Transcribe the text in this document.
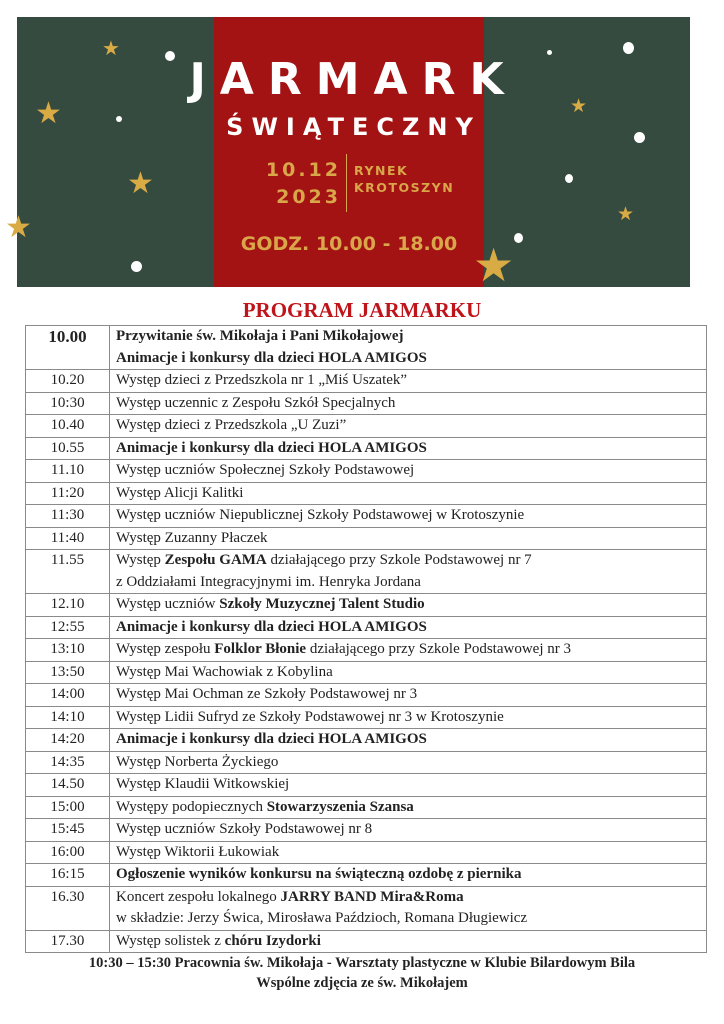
★
★
★
★
★
★
★
JARMARK
ŚWIĄTECZNY
10.12
2023
RYNEK
KROTOSZYN
GODZ. 10.00 - 18.00
PROGRAM JARMARKU
10.00	Przywitanie św. Mikołaja i Pani Mikołajowej
Animacje i konkursy dla dzieci HOLA AMIGOS

10.20	Występ dzieci z Przedszkola nr 1 „Miś Uszatek”

10:30	Występ uczennic z Zespołu Szkół Specjalnych

10.40	Występ dzieci z Przedszkola „U Zuzi”

10.55	Animacje i konkursy dla dzieci HOLA AMIGOS

11.10	Występ uczniów Społecznej Szkoły Podstawowej

11:20	Występ Alicji Kalitki

11:30	Występ uczniów Niepublicznej Szkoły Podstawowej w Krotoszynie

11:40	Występ Zuzanny Płaczek

11.55	Występ Zespołu GAMA działającego przy Szkole Podstawowej nr 7
z Oddziałami Integracyjnymi im. Henryka Jordana

12.10	Występ uczniów Szkoły Muzycznej Talent Studio

12:55	Animacje i konkursy dla dzieci HOLA AMIGOS

13:10	Występ zespołu Folklor Błonie działającego przy Szkole Podstawowej nr 3

13:50	Występ Mai Wachowiak z Kobylina

14:00	Występ Mai Ochman ze Szkoły Podstawowej nr 3

14:10	Występ Lidii Sufryd ze Szkoły Podstawowej nr 3 w Krotoszynie

14:20	Animacje i konkursy dla dzieci HOLA AMIGOS

14:35	Występ Norberta Życkiego

14.50	Występ Klaudii Witkowskiej

15:00	Występy podopiecznych Stowarzyszenia Szansa

15:45	Występ uczniów Szkoły Podstawowej nr 8

16:00	Występ Wiktorii Łukowiak

16:15	Ogłoszenie wyników konkursu na świąteczną ozdobę z piernika

16.30	Koncert zespołu lokalnego JARRY BAND Mira&Roma
w składzie: Jerzy Świca, Mirosława Paździoch, Romana Długiewicz

17.30	Występ solistek z chóru Izydorki
10:30 – 15:30 Pracownia św. Mikołaja - Warsztaty plastyczne w Klubie Bilardowym Bila
Wspólne zdjęcia ze św. Mikołajem
